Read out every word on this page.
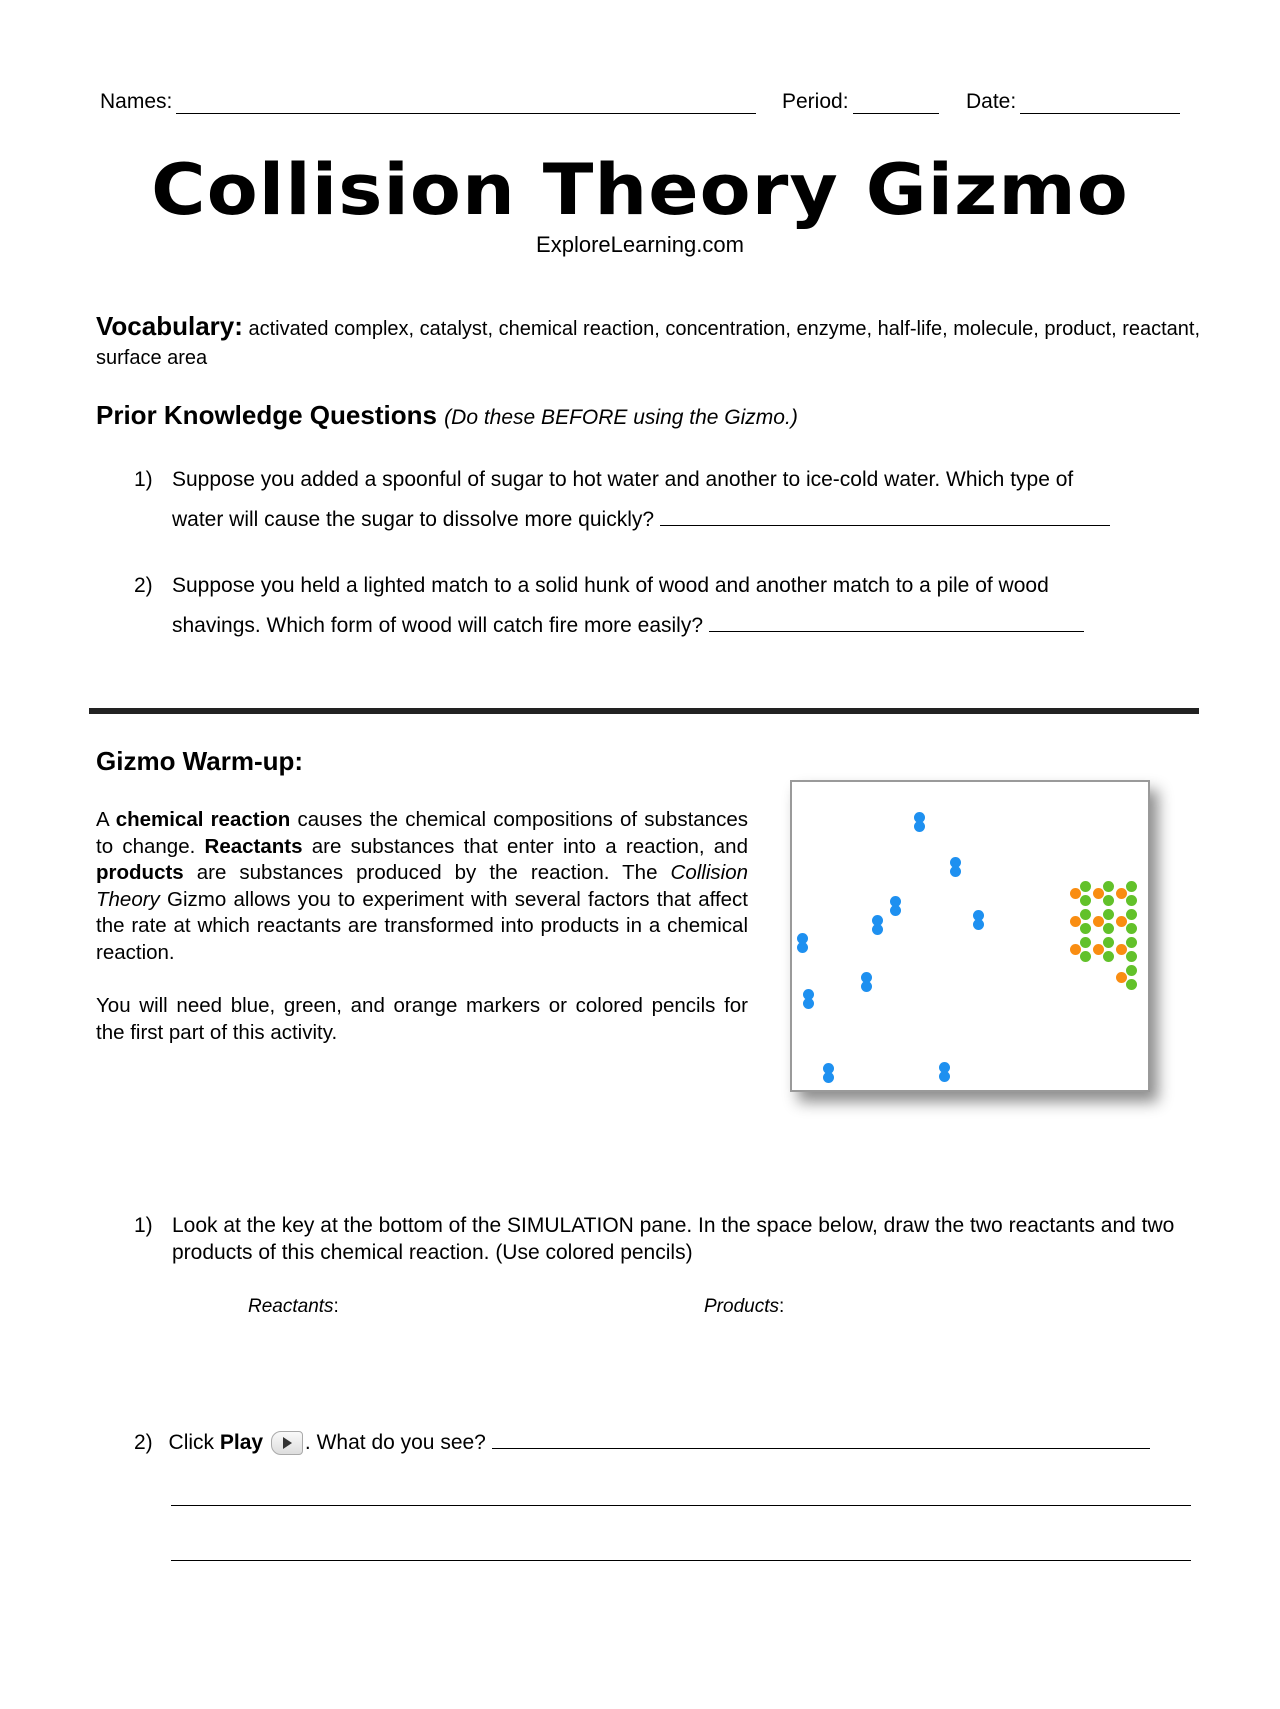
Names:	Period:	Date:
Collision Theory Gizmo
ExploreLearning.com
Vocabulary: activated complex, catalyst, chemical reaction, concentration, enzyme, half-life, molecule, product, reactant, surface area
Prior Knowledge Questions (Do these BEFORE using the Gizmo.)
1) Suppose you added a spoonful of sugar to hot water and another to ice-cold water. Which type of
water will cause the sugar to dissolve more quickly?
2) Suppose you held a lighted match to a solid hunk of wood and another match to a pile of wood
shavings. Which form of wood will catch fire more easily?
Gizmo Warm-up:
A chemical reaction causes the chemical compositions of substances to change. Reactants are substances that enter into a reaction, and products are substances produced by the reaction. The Collision Theory Gizmo allows you to experiment with several factors that affect the rate at which reactants are transformed into products in a chemical reaction.
You will need blue, green, and orange markers or colored pencils for the first part of this activity.
1) Look at the key at the bottom of the SIMULATION pane. In the space below, draw the two reactants and two products of this chemical reaction. (Use colored pencils)
Reactants:	Products:
2) Click Play . What do you see?
